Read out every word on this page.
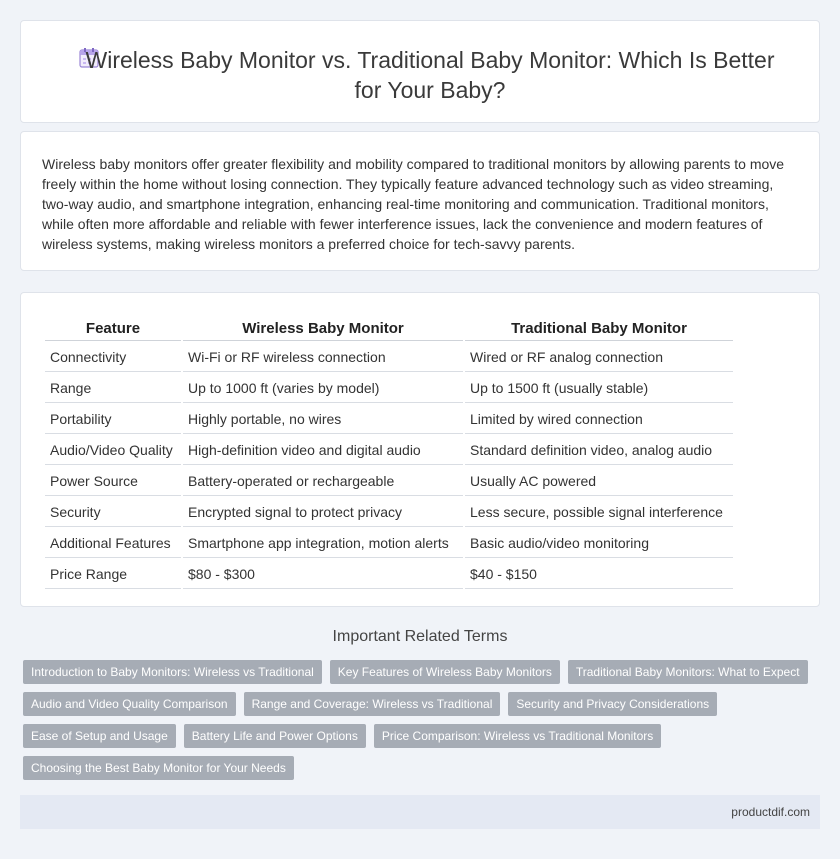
Wireless Baby Monitor vs. Traditional Baby Monitor: Which Is Better for Your Baby?

Wireless baby monitors offer greater flexibility and mobility compared to traditional monitors by allowing parents to move freely within the home without losing connection. They typically feature advanced technology such as video streaming, two-way audio, and smartphone integration, enhancing real-time monitoring and communication. Traditional monitors, while often more affordable and reliable with fewer interference issues, lack the convenience and modern features of wireless systems, making wireless monitors a preferred choice for tech-savvy parents.

Feature	Wireless Baby Monitor	Traditional Baby Monitor
Connectivity	Wi-Fi or RF wireless connection	Wired or RF analog connection
Range	Up to 1000 ft (varies by model)	Up to 1500 ft (usually stable)
Portability	Highly portable, no wires	Limited by wired connection
Audio/Video Quality	High-definition video and digital audio	Standard definition video, analog audio
Power Source	Battery-operated or rechargeable	Usually AC powered
Security	Encrypted signal to protect privacy	Less secure, possible signal interference
Additional Features	Smartphone app integration, motion alerts	Basic audio/video monitoring
Price Range	$80 - $300	$40 - $150
Important Related Terms
Introduction to Baby Monitors: Wireless vs Traditional	Key Features of Wireless Baby Monitors	Traditional Baby Monitors: What to Expect
Audio and Video Quality Comparison	Range and Coverage: Wireless vs Traditional	Security and Privacy Considerations
Ease of Setup and Usage	Battery Life and Power Options	Price Comparison: Wireless vs Traditional Monitors
Choosing the Best Baby Monitor for Your Needs
productdif.com
